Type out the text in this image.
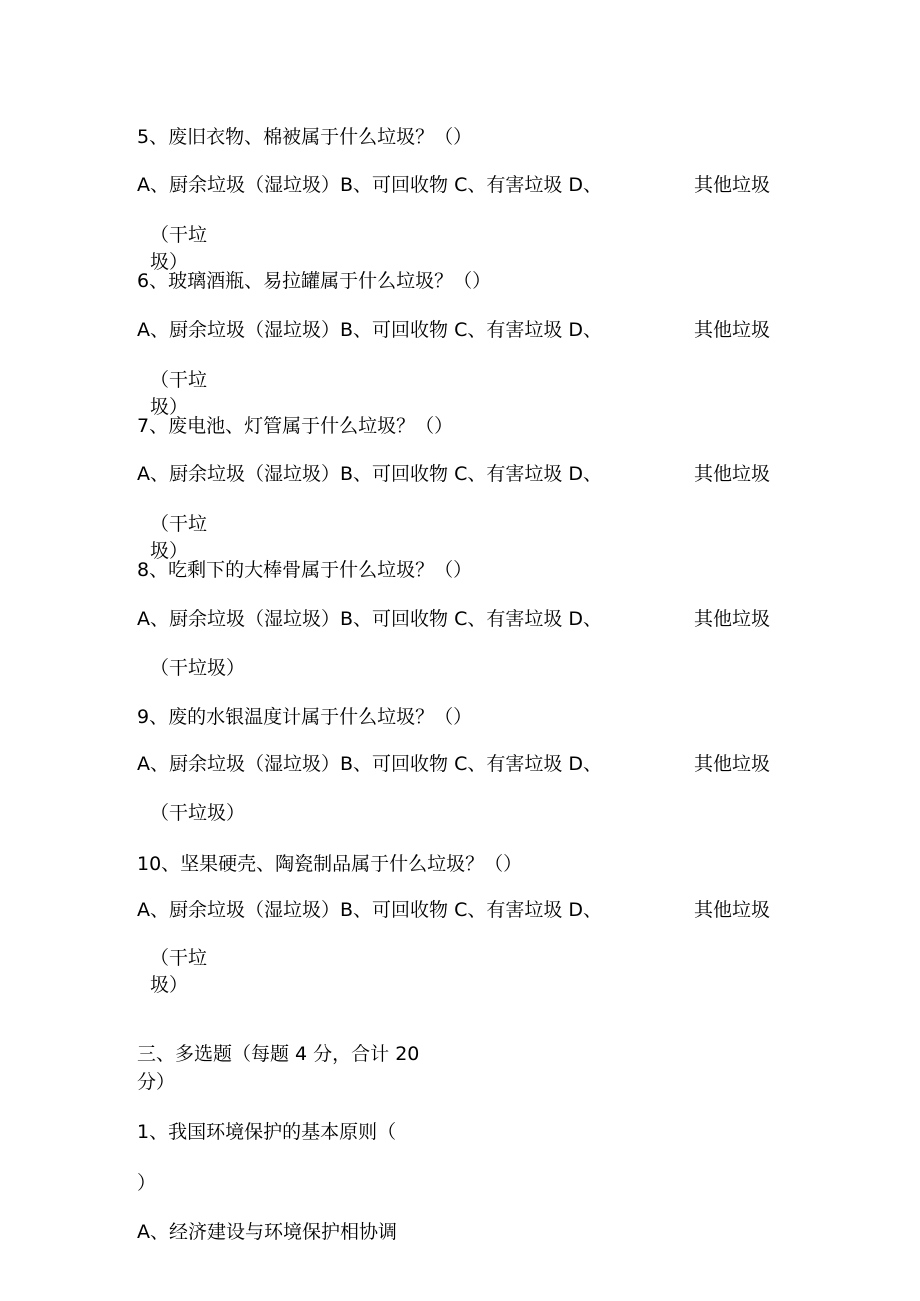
5、废旧衣物、棉被属于什么垃圾？（）
A、厨余垃圾（湿垃圾）B、可回收物 C、有害垃圾 D、	其他垃圾
（干垃
圾）
6、玻璃酒瓶、易拉罐属于什么垃圾？（）
A、厨余垃圾（湿垃圾）B、可回收物 C、有害垃圾 D、	其他垃圾
（干垃
圾）
7、废电池、灯管属于什么垃圾？（）
A、厨余垃圾（湿垃圾）B、可回收物 C、有害垃圾 D、	其他垃圾
（干垃
圾）
8、吃剩下的大棒骨属于什么垃圾？（）
A、厨余垃圾（湿垃圾）B、可回收物 C、有害垃圾 D、	其他垃圾
（干垃圾）
9、废的水银温度计属于什么垃圾？（）
A、厨余垃圾（湿垃圾）B、可回收物 C、有害垃圾 D、	其他垃圾
（干垃圾）
10、坚果硬壳、陶瓷制品属于什么垃圾？（）
A、厨余垃圾（湿垃圾）B、可回收物 C、有害垃圾 D、	其他垃圾
（干垃
圾）
三、多选题（每题 4 分，合计 20
分）
1、我国环境保护的基本原则（
）
A、经济建设与环境保护相协调
